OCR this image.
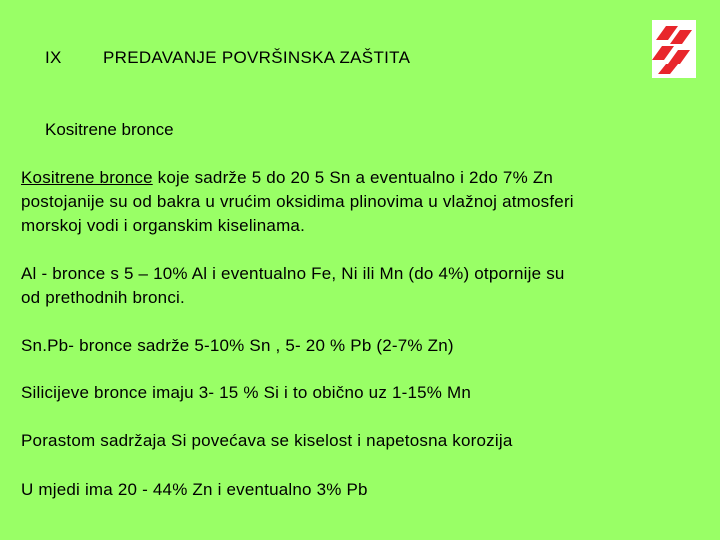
IX PREDAVANJE POVRŠINSKA ZAŠTITA
Kositrene bronce
Kositrene bronce koje sadrže 5 do 20 5 Sn a eventualno i 2do 7% Zn
postojanije su od bakra u vrućim oksidima plinovima u vlažnoj atmosferi
morskoj vodi i organskim kiselinama.
Al - bronce s 5 – 10% Al i eventualno Fe, Ni ili Mn (do 4%) otpornije su
od prethodnih bronci.
Sn.Pb- bronce sadrže 5-10% Sn , 5- 20 % Pb (2-7% Zn)
Silicijeve bronce imaju 3- 15 % Si i to obično uz 1-15% Mn
Porastom sadržaja Si povećava se kiselost i napetosna korozija
U mjedi ima 20 - 44% Zn i eventualno 3% Pb
